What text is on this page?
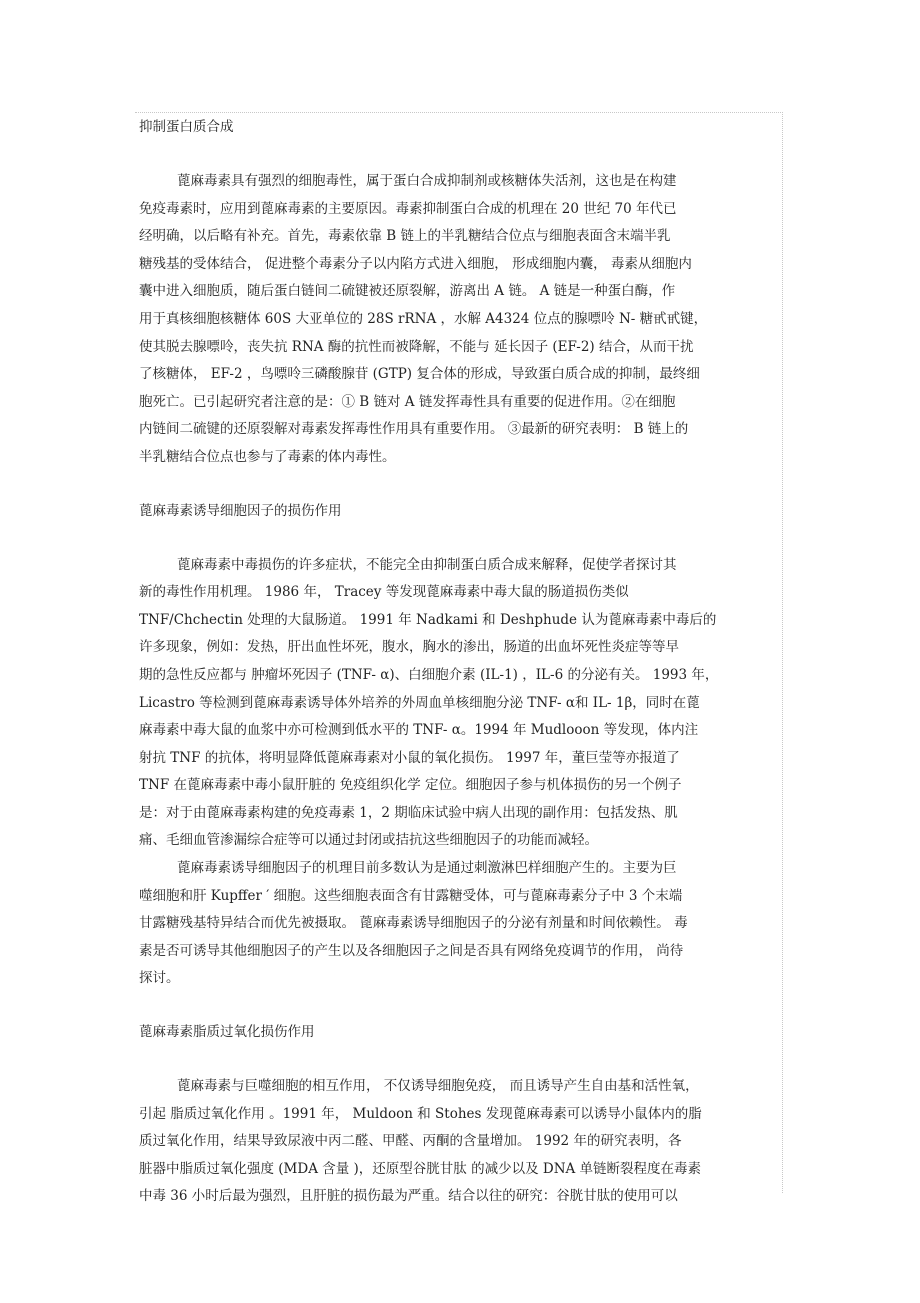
抑制蛋白质合成
蓖麻毒素具有强烈的细胞毒性，属于蛋白合成抑制剂或核糖体失活剂，这也是在构建
免疫毒素时，应用到蓖麻毒素的主要原因。毒素抑制蛋白合成的机理在 20 世纪 70 年代已
经明确，以后略有补充。首先，毒素依靠 B 链上的半乳糖结合位点与细胞表面含末端半乳
糖残基的受体结合， 促进整个毒素分子以内陷方式进入细胞， 形成细胞内囊， 毒素从细胞内
囊中进入细胞质，随后蛋白链间二硫键被还原裂解，游离出 A 链。 A 链是一种蛋白酶，作
用于真核细胞核糖体 60S 大亚单位的 28S rRNA ，水解 A4324 位点的腺嘌呤 N- 糖甙甙键，
使其脱去腺嘌呤，丧失抗 RNA 酶的抗性而被降解，不能与 延长因子 (EF-2) 结合，从而干扰
了核糖体， EF-2 ，鸟嘌呤三磷酸腺苷 (GTP) 复合体的形成，导致蛋白质合成的抑制，最终细
胞死亡。已引起研究者注意的是：① B 链对 A 链发挥毒性具有重要的促进作用。②在细胞
内链间二硫键的还原裂解对毒素发挥毒性作用具有重要作用。 ③最新的研究表明： B 链上的
半乳糖结合位点也参与了毒素的体内毒性。
蓖麻毒素诱导细胞因子的损伤作用
蓖麻毒素中毒损伤的许多症状，不能完全由抑制蛋白质合成来解释，促使学者探讨其
新的毒性作用机理。 1986 年， Tracey 等发现蓖麻毒素中毒大鼠的肠道损伤类似
TNF/Chchectin 处理的大鼠肠道。 1991 年 Nadkami 和 Deshphude 认为蓖麻毒素中毒后的
许多现象，例如：发热，肝出血性坏死，腹水，胸水的渗出，肠道的出血坏死性炎症等等早
期的急性反应都与 肿瘤坏死因子 (TNF- α)、白细胞介素 (IL-1) ，IL-6 的分泌有关。 1993 年，
Licastro 等检测到蓖麻毒素诱导体外培养的外周血单核细胞分泌 TNF- α和 IL- 1β，同时在蓖
麻毒素中毒大鼠的血浆中亦可检测到低水平的 TNF- α。1994 年 Mudlooon 等发现，体内注
射抗 TNF 的抗体，将明显降低蓖麻毒素对小鼠的氧化损伤。 1997 年，董巨莹等亦报道了
TNF 在蓖麻毒素中毒小鼠肝脏的 免疫组织化学 定位。细胞因子参与机体损伤的另一个例子
是：对于由蓖麻毒素构建的免疫毒素 1，2 期临床试验中病人出现的副作用：包括发热、肌
痛、毛细血管渗漏综合症等可以通过封闭或拮抗这些细胞因子的功能而减轻。
蓖麻毒素诱导细胞因子的机理目前多数认为是通过刺激淋巴样细胞产生的。主要为巨
噬细胞和肝 Kupffer ′ 细胞。这些细胞表面含有甘露糖受体，可与蓖麻毒素分子中 3 个末端
甘露糖残基特异结合而优先被摄取。 蓖麻毒素诱导细胞因子的分泌有剂量和时间依赖性。 毒
素是否可诱导其他细胞因子的产生以及各细胞因子之间是否具有网络免疫调节的作用， 尚待
探讨。
蓖麻毒素脂质过氧化损伤作用
蓖麻毒素与巨噬细胞的相互作用， 不仅诱导细胞免疫， 而且诱导产生自由基和活性氧，
引起 脂质过氧化作用 。1991 年， Muldoon 和 Stohes 发现蓖麻毒素可以诱导小鼠体内的脂
质过氧化作用，结果导致尿液中丙二醛、甲醛、丙酮的含量增加。 1992 年的研究表明，各
脏器中脂质过氧化强度 (MDA 含量 )，还原型谷胱甘肽 的减少以及 DNA 单链断裂程度在毒素
中毒 36 小时后最为强烈，且肝脏的损伤最为严重。结合以往的研究：谷胱甘肽的使用可以
